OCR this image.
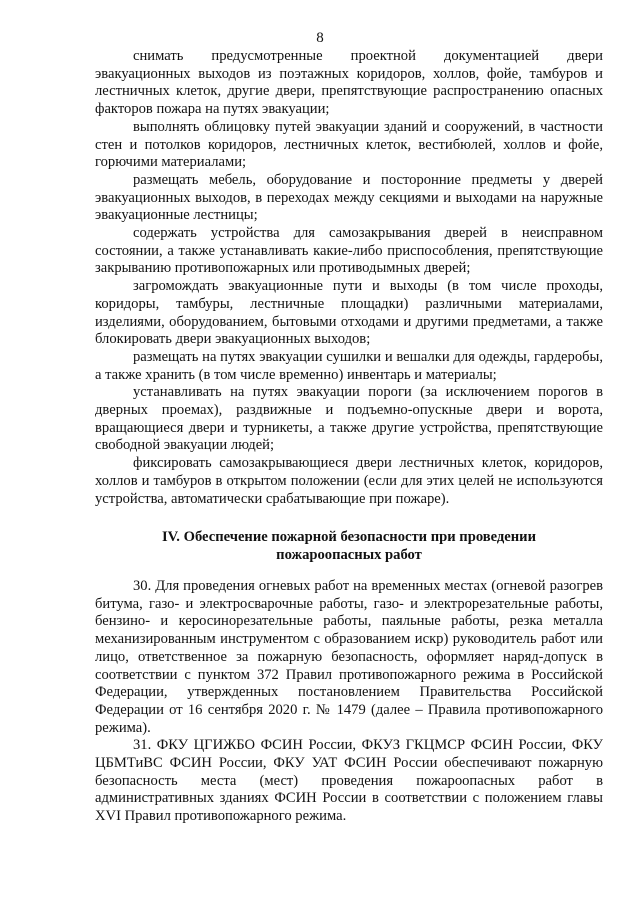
8

снимать предусмотренные проектной документацией двери эвакуационных выходов из поэтажных коридоров, холлов, фойе, тамбуров и лестничных клеток, другие двери, препятствующие распространению опасных факторов пожара на путях эвакуации;

выполнять облицовку путей эвакуации зданий и сооружений, в частности стен и потолков коридоров, лестничных клеток, вестибюлей, холлов и фойе, горючими материалами;

размещать мебель, оборудование и посторонние предметы у дверей эвакуационных выходов, в переходах между секциями и выходами на наружные эвакуационные лестницы;

содержать устройства для самозакрывания дверей в неисправном состоянии, а также устанавливать какие-либо приспособления, препятствующие закрыванию противопожарных или противодымных дверей;

загромождать эвакуационные пути и выходы (в том числе проходы, коридоры, тамбуры, лестничные площадки) различными материалами, изделиями, оборудованием, бытовыми отходами и другими предметами, а также блокировать двери эвакуационных выходов;

размещать на путях эвакуации сушилки и вешалки для одежды, гардеробы, а также хранить (в том числе временно) инвентарь и материалы;

устанавливать на путях эвакуации пороги (за исключением порогов в дверных проемах), раздвижные и подъемно-опускные двери и ворота, вращающиеся двери и турникеты, а также другие устройства, препятствующие свободной эвакуации людей;

фиксировать самозакрывающиеся двери лестничных клеток, коридоров, холлов и тамбуров в открытом положении (если для этих целей не используются устройства, автоматически срабатывающие при пожаре).

IV. Обеспечение пожарной безопасности при проведении
пожароопасных работ

30. Для проведения огневых работ на временных местах (огневой разогрев битума, газо- и электросварочные работы, газо- и электрорезательные работы, бензино- и керосинорезательные работы, паяльные работы, резка металла механизированным инструментом с образованием искр) руководитель работ или лицо, ответственное за пожарную безопасность, оформляет наряд-допуск в соответствии с пунктом 372 Правил противопожарного режима в Российской Федерации, утвержденных постановлением Правительства Российской Федерации от 16 сентября 2020 г. № 1479 (далее – Правила противопожарного режима).

31. ФКУ ЦГИЖБО ФСИН России, ФКУЗ ГКЦМСР ФСИН России, ФКУ ЦБМТиВС ФСИН России, ФКУ УАТ ФСИН России обеспечивают пожарную безопасность места (мест) проведения пожароопасных работ в административных зданиях ФСИН России в соответствии с положением главы XVI Правил противопожарного режима.
